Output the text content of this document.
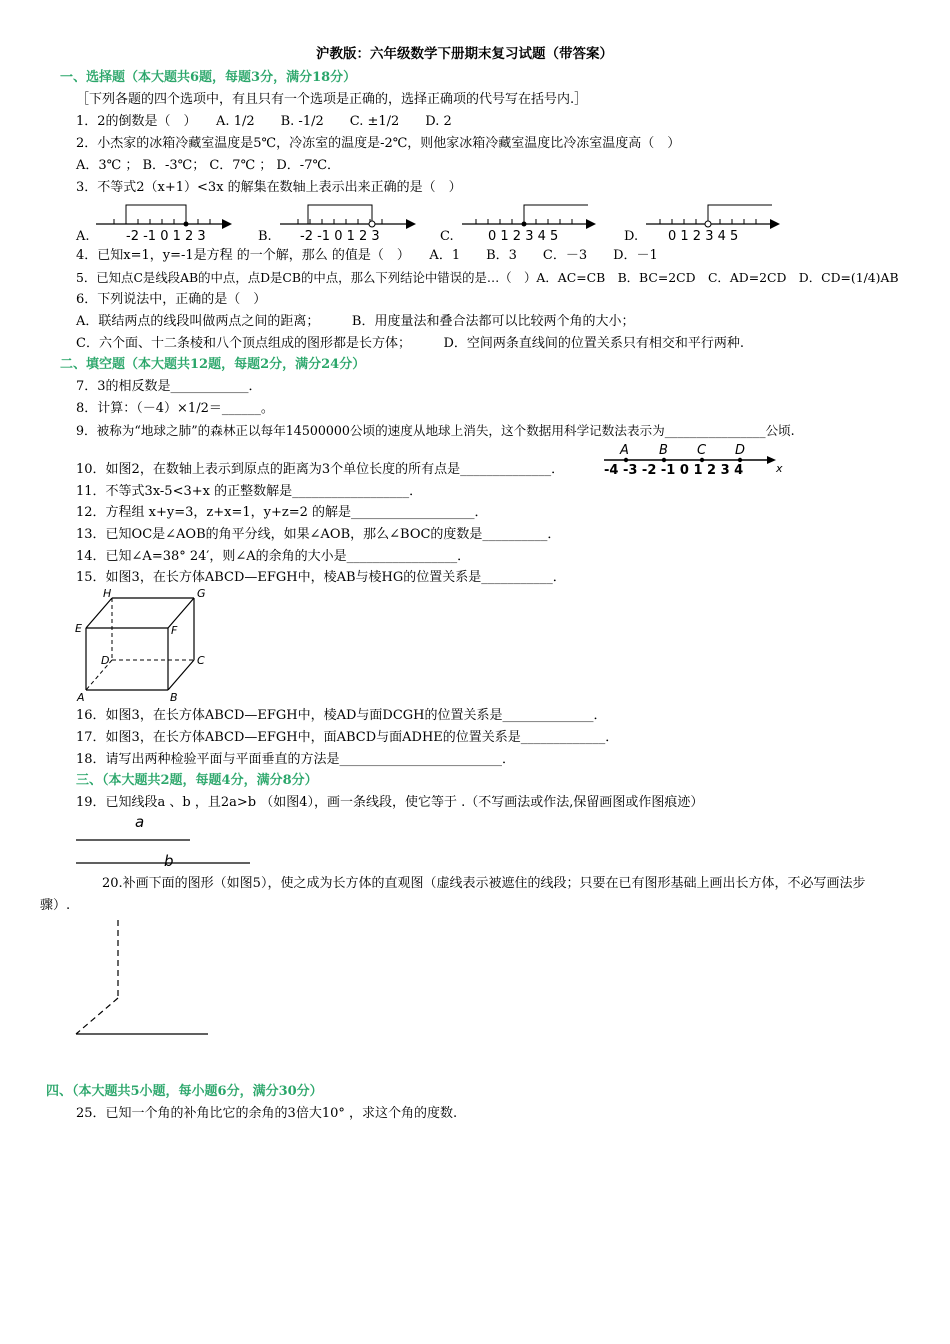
沪教版：六年级数学下册期末复习试题（带答案）
一、选择题（本大题共6题，每题3分，满分18分）
［下列各题的四个选项中，有且只有一个选项是正确的，选择正确项的代号写在括号内.］
1．2的倒数是（　）　　A. 1/2　　B. -1/2　　C. ±1/2　　D. 2
2．小杰家的冰箱冷藏室温度是5℃，冷冻室的温度是-2℃，则他家冰箱冷藏室温度比冷冻室温度高（　）
A．3℃ ； B．-3℃； C．7℃ ； D．-7℃．
3．不等式2（x+1）<3x 的解集在数轴上表示出来正确的是（　）
A.	-2 -1 0 1 2 3	B. -2 -1 0 1 2 3	C.	0 1 2 3 4 5	D. 0 1 2 3 4 5
4．已知x=1，y=-1是方程 的一个解，那么 的值是（　）　　A．1　　B．3　　C．－3　　D．－1
5．已知点C是线段AB的中点，点D是CB的中点，那么下列结论中错误的是…（　）A．AC=CB　B．BC=2CD　C．AD=2CD　D．CD=(1/4)AB
6．下列说法中，正确的是（　）
A．联结两点的线段叫做两点之间的距离；　　　B．用度量法和叠合法都可以比较两个角的大小；
C．六个面、十二条棱和八个顶点组成的图形都是长方体；　　　D．空间两条直线间的位置关系只有相交和平行两种.
二、填空题（本大题共12题，每题2分，满分24分）
7．3的相反数是____________．
8．计算：（－4）×1/2＝______。
9．被称为“地球之肺”的森林正以每年14500000公顷的速度从地球上消失，这个数据用科学记数法表示为________________公顷.
10．如图2，在数轴上表示到原点的距离为3个单位长度的所有点是______________．
A B C D
-4 -3 -2 -1 0 1 2 3 4	x
11．不等式3x-5<3+x 的正整数解是__________________．
12．方程组 x+y=3，z+x=1，y+z=2 的解是___________________．
13．已知OC是∠AOB的角平分线，如果∠AOB，那么∠BOC的度数是__________．
14．已知∠A=38° 24′，则∠A的余角的大小是_________________．
15．如图3，在长方体ABCD—EFGH中，棱AB与棱HG的位置关系是___________．
H	G
E	F
D	C
A	B
16．如图3，在长方体ABCD—EFGH中，棱AD与面DCGH的位置关系是______________．
17．如图3，在长方体ABCD—EFGH中，面ABCD与面ADHE的位置关系是_____________．
18．请写出两种检验平面与平面垂直的方法是_________________________．
三、（本大题共2题，每题4分，满分8分）
19．已知线段a 、b ，且2a>b （如图4），画一条线段，使它等于 .（不写画法或作法,保留画图或作图痕迹）
a
b
20.补画下面的图形（如图5），使之成为长方体的直观图（虚线表示被遮住的线段；只要在已有图形基础上画出长方体，不必写画法步
骤）.
四、（本大题共5小题，每小题6分，满分30分）
25．已知一个角的补角比它的余角的3倍大10° ，求这个角的度数.
